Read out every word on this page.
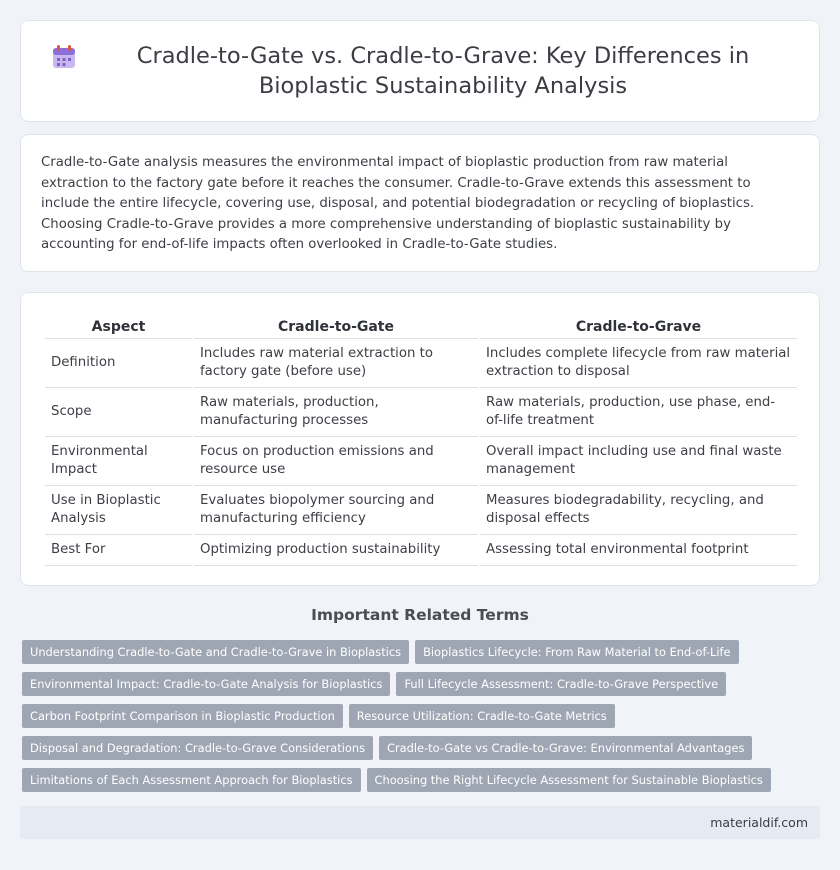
Cradle-to-Gate vs. Cradle-to-Grave: Key Differences in Bioplastic Sustainability Analysis

Cradle-to-Gate analysis measures the environmental impact of bioplastic production from raw material extraction to the factory gate before it reaches the consumer. Cradle-to-Grave extends this assessment to include the entire lifecycle, covering use, disposal, and potential biodegradation or recycling of bioplastics. Choosing Cradle-to-Grave provides a more comprehensive understanding of bioplastic sustainability by accounting for end-of-life impacts often overlooked in Cradle-to-Gate studies.

Aspect	Cradle-to-Gate	Cradle-to-Grave
Definition	Includes raw material extraction to factory gate (before use)	Includes complete lifecycle from raw material extraction to disposal
Scope	Raw materials, production, manufacturing processes	Raw materials, production, use phase, end-of-life treatment
Environmental Impact	Focus on production emissions and resource use	Overall impact including use and final waste management
Use in Bioplastic Analysis	Evaluates biopolymer sourcing and manufacturing efficiency	Measures biodegradability, recycling, and disposal effects
Best For	Optimizing production sustainability	Assessing total environmental footprint
Important Related Terms
Understanding Cradle-to-Gate and Cradle-to-Grave in Bioplastics	Bioplastics Lifecycle: From Raw Material to End-of-Life
Environmental Impact: Cradle-to-Gate Analysis for Bioplastics	Full Lifecycle Assessment: Cradle-to-Grave Perspective
Carbon Footprint Comparison in Bioplastic Production	Resource Utilization: Cradle-to-Gate Metrics
Disposal and Degradation: Cradle-to-Grave Considerations	Cradle-to-Gate vs Cradle-to-Grave: Environmental Advantages
Limitations of Each Assessment Approach for Bioplastics	Choosing the Right Lifecycle Assessment for Sustainable Bioplastics
materialdif.com
